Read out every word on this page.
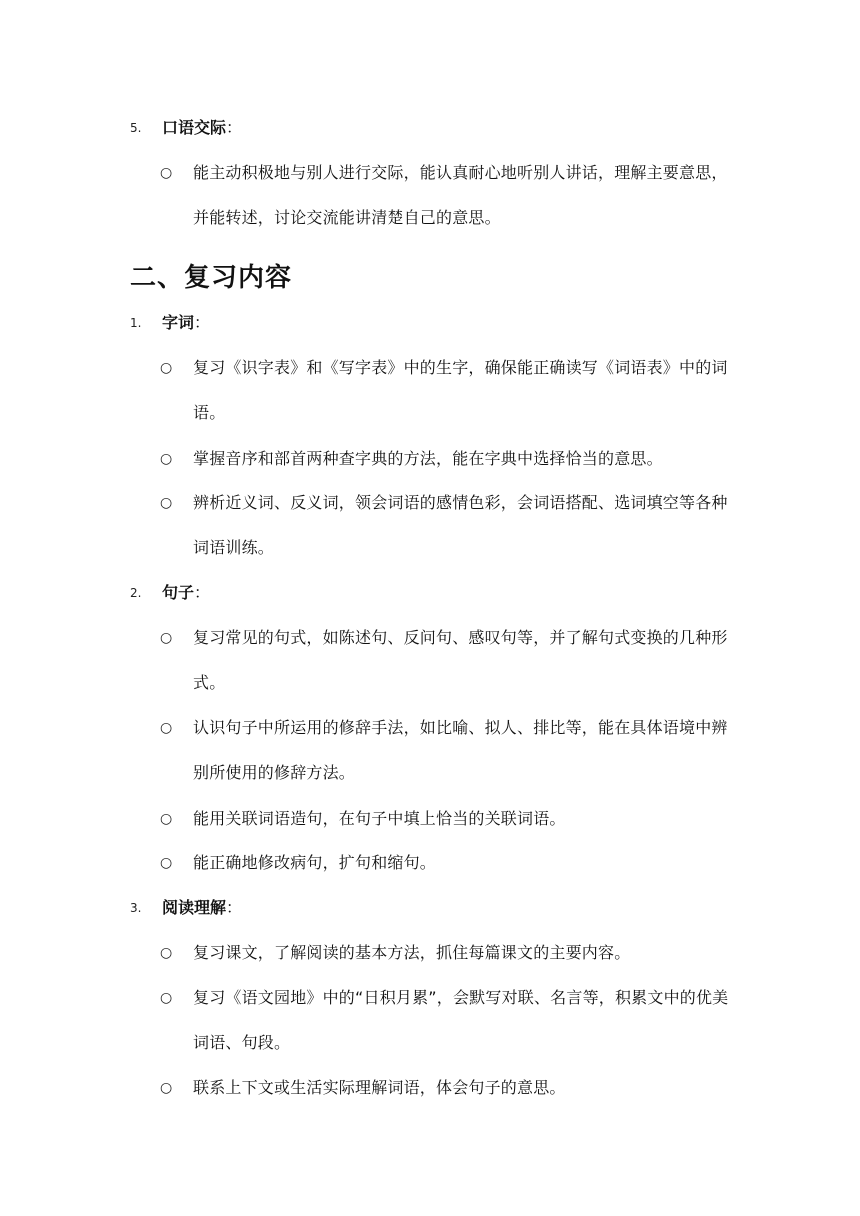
5. 口语交际：
○ 能主动积极地与别人进行交际，能认真耐心地听别人讲话，理解主要意思，并能转述，讨论交流能讲清楚自己的意思。
二、复习内容
1. 字词：
○ 复习《识字表》和《写字表》中的生字，确保能正确读写《词语表》中的词语。
○ 掌握音序和部首两种查字典的方法，能在字典中选择恰当的意思。
○ 辨析近义词、反义词，领会词语的感情色彩，会词语搭配、选词填空等各种词语训练。
2. 句子：
○ 复习常见的句式，如陈述句、反问句、感叹句等，并了解句式变换的几种形式。
○ 认识句子中所运用的修辞手法，如比喻、拟人、排比等，能在具体语境中辨别所使用的修辞方法。
○ 能用关联词语造句，在句子中填上恰当的关联词语。
○ 能正确地修改病句，扩句和缩句。
3. 阅读理解：
○ 复习课文，了解阅读的基本方法，抓住每篇课文的主要内容。
○ 复习《语文园地》中的“日积月累”，会默写对联、名言等，积累文中的优美词语、句段。
○ 联系上下文或生活实际理解词语，体会句子的意思。
